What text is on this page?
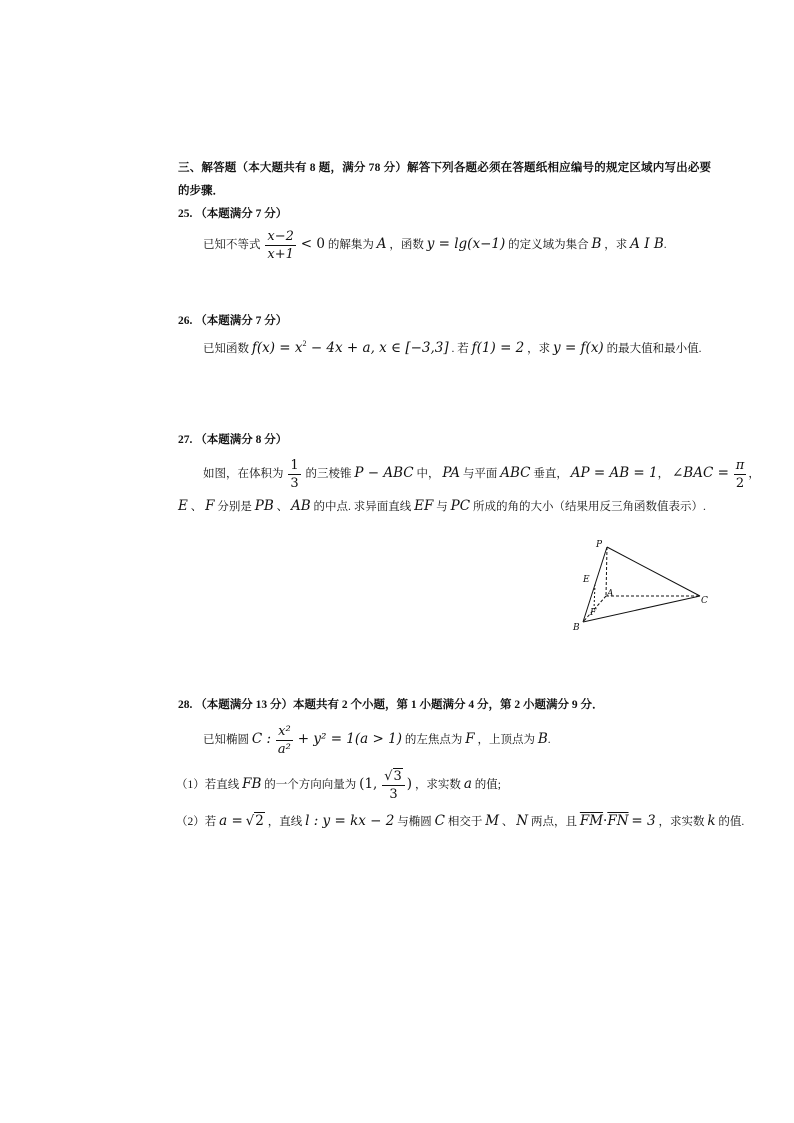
三、解答题（本大题共有 8 题，满分 78 分）解答下列各题必须在答题纸相应编号的规定区域内写出必要
的步骤．
25. （本题满分 7 分）
已知不等式 $\frac{x-2}{x+1} < 0$ 的解集为 A ，函数 y = lg(x−1) 的定义域为集合 B ，求 A I B.
26. （本题满分 7 分）
已知函数 $f(x) = x^2 - 4x + a$, x ∈ [−3,3] . 若 f(1) = 2 ，求 y = f(x) 的最大值和最小值.
27. （本题满分 8 分）
如图，在体积为 $\frac{1}{3}$ 的三棱锥 P − ABC 中， PA 与平面 ABC 垂直， AP = AB = 1， ∠BAC = $\frac{\pi}{2}$ ，
E 、 F 分别是 PB 、 AB 的中点. 求异面直线 EF 与 PC 所成的角的大小（结果用反三角函数值表示）.
P
E
A
F
C
B
28. （本题满分 13 分）本题共有 2 个小题，第 1 小题满分 4 分，第 2 小题满分 9 分．
已知椭圆 C : $\frac{\text{x²}}{\text{a²}} + y^2 = 1(a > 1)$ 的左焦点为 F ，上顶点为 B.
（1）若直线 FB 的一个方向向量为 (1, $\frac{√3}{3}$ ) ，求实数 a 的值;
（2）若 a = √2 ，直线 l : y = kx − 2 与椭圆 C 相交于 M 、 N 两点，且 $\overline{FM}\cdot\overline{FN} = 3$ ，求实数 k 的值.
